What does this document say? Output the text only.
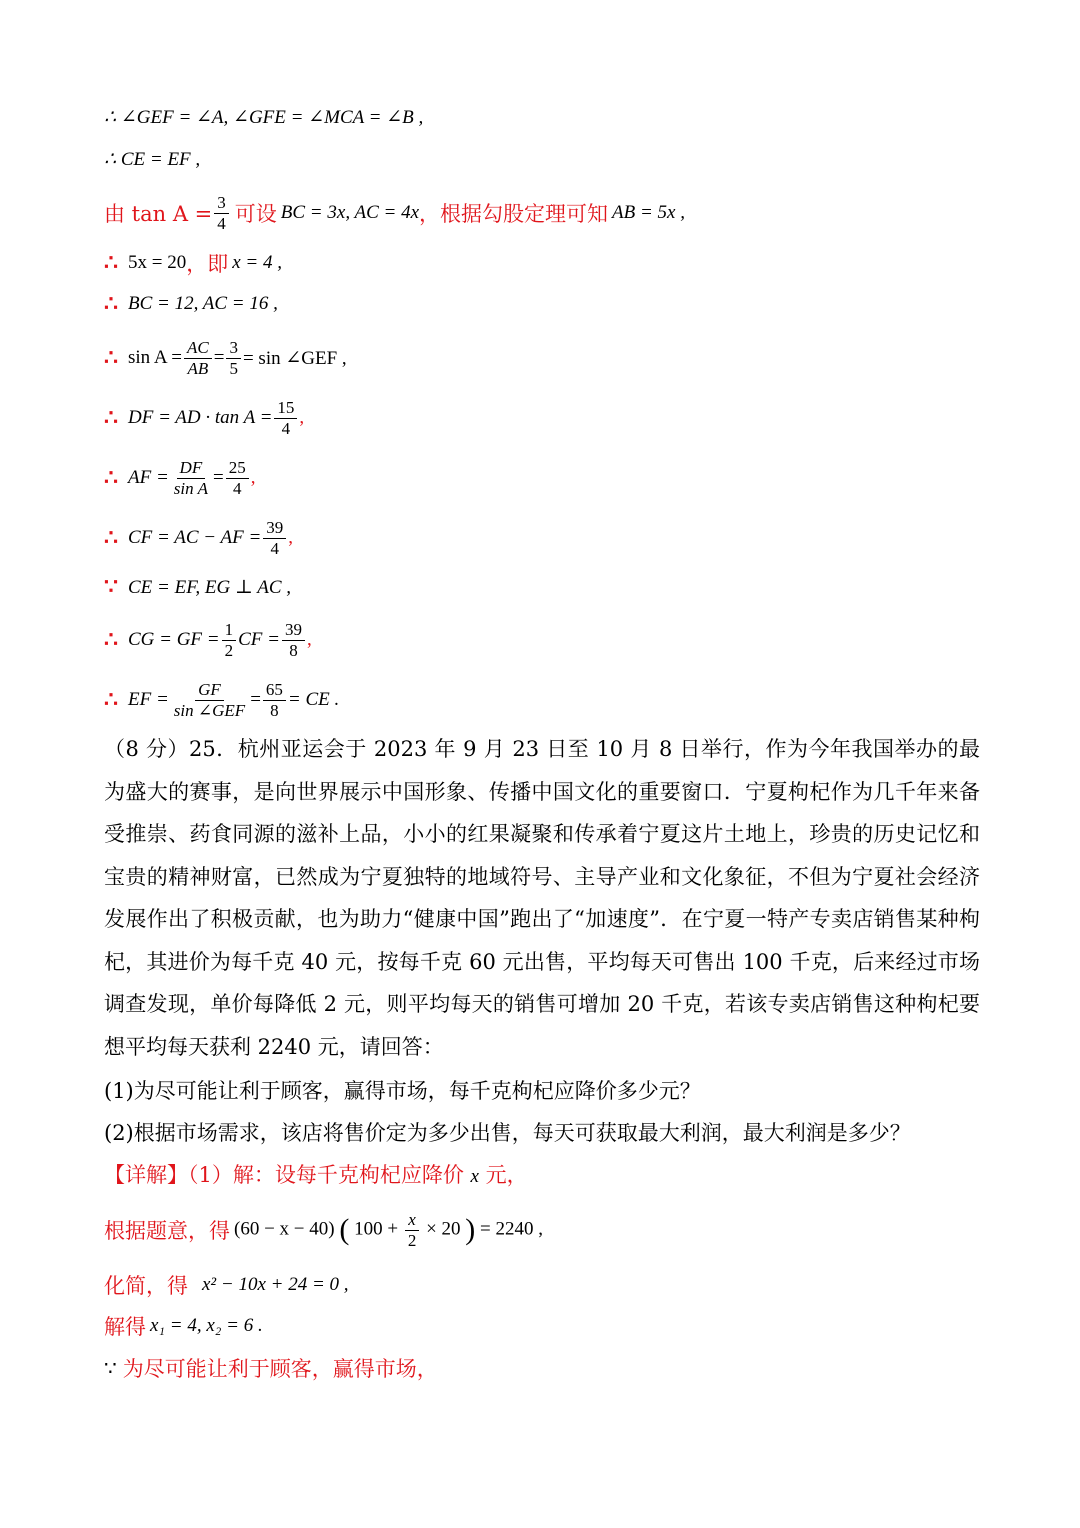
∴ ∠GEF = ∠A, ∠GFE = ∠MCA = ∠B ,
∴ CE = EF ,
由 $\tan A = \frac{3}{4}$ 可设 BC = 3x, AC = 4x ，根据勾股定理可知 AB = 5x ,
∴ 5x = 20 ，即 x = 4 ,
∴ BC = 12, AC = 16 ,
∴ $\sin A = \frac{AC}{AB} = \frac{3}{5} = \sin$ ∠GEF ,
∴ DF = AD · $\tan A = \frac{15}{4}$ ,
∴ AF = $\frac{DF}{\text{sin A}} = \frac{25}{4}$ ,
∴ CF = AC − AF = $\frac{39}{4}$ ,
∵ CE = EF, EG ⊥ AC ,
∴ CG = GF = $\frac{1}{2}$ CF = $\frac{39}{8}$ ,
∴ EF = $\frac{GF}{\text{sin ∠GEF}} = \frac{65}{8}$ = CE .
（8 分）25．杭州亚运会于 2023 年 9 月 23 日至 10 月 8 日举行，作为今年我国举办的最为盛大的赛事，是向世界展示中国形象、传播中国文化的重要窗口．宁夏枸杞作为几千年来备受推崇、药食同源的滋补上品，小小的红果凝聚和传承着宁夏这片土地上，珍贵的历史记忆和宝贵的精神财富，已然成为宁夏独特的地域符号、主导产业和文化象征，不但为宁夏社会经济发展作出了积极贡献，也为助力“健康中国”跑出了“加速度”．在宁夏一特产专卖店销售某种枸杞，其进价为每千克 40 元，按每千克 60 元出售，平均每天可售出 100 千克，后来经过市场调查发现，单价每降低 2 元，则平均每天的销售可增加 20 千克，若该专卖店销售这种枸杞要想平均每天获利 2240 元，请回答：
(1)为尽可能让利于顾客，赢得市场，每千克枸杞应降价多少元？
(2)根据市场需求，该店将售价定为多少出售，每天可获取最大利润，最大利润是多少？
【详解】（1）解：设每千克枸杞应降价 x 元，
根据题意，得 (60 − x − 40) ( $100 + \frac{x}{2} \times 20$ ) = 2240 ,
化简，得 x² − 10x + 24 = 0 ,
解得 x₁ = 4, x₂ = 6 .
∵ 为尽可能让利于顾客，赢得市场，
